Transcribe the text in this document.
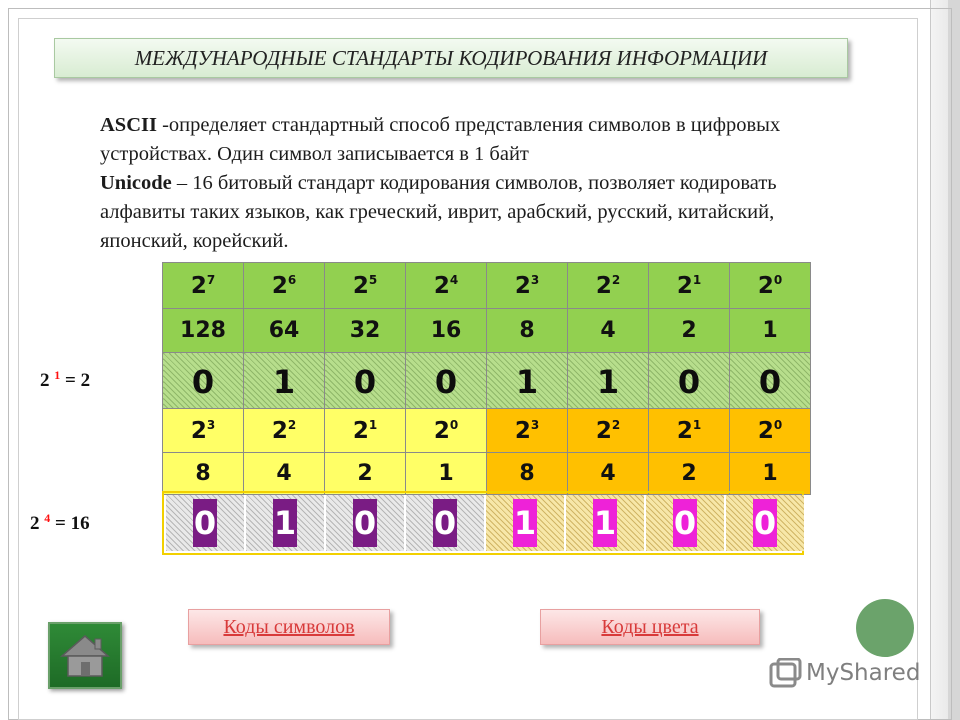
МЕЖДУНАРОДНЫЕ СТАНДАРТЫ КОДИРОВАНИЯ ИНФОРМАЦИИ
ASCII -определяет стандартный способ представления символов в цифровых устройствах. Один символ записывается в 1 байт
Unicode – 16 битовый стандарт кодирования символов, позволяет кодировать алфавиты таких языков, как греческий, иврит, арабский, русский, китайский, японский, корейский.
$2^7$	$2^6$	$2^5$	$2^4$	$2^3$	$2^2$	$2^1$	$2^0$
128	64	32	16	8	4	2	1
0	1	0	0	1	1	0	0
$2^3$	$2^2$	$2^1$	$2^0$	$2^3$	$2^2$	$2^1$	$2^0$
8	4	2	1	8	4	2	1
0 1 0 0 1 1 0 0
2 $^1$ = 2
2 $^4$ = 16
Коды символов	Коды цвета
MyShared
